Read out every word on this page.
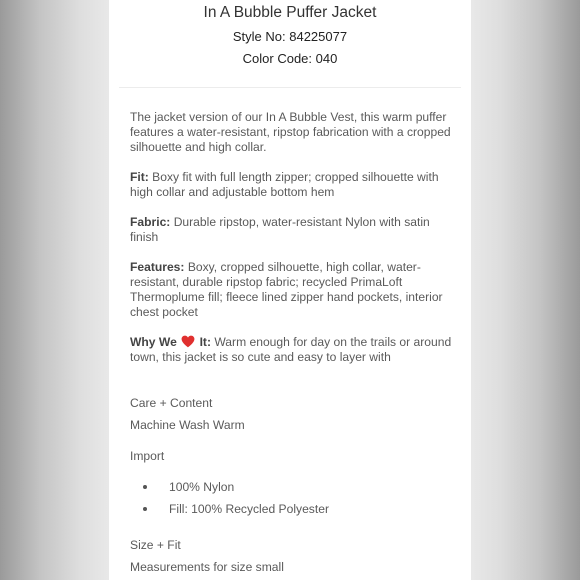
In A Bubble Puffer Jacket
Style No: 84225077
Color Code: 040

The jacket version of our In A Bubble Vest, this warm puffer features a water-resistant, ripstop fabrication with a cropped silhouette and high collar.

Fit: Boxy fit with full length zipper; cropped silhouette with high collar and adjustable bottom hem

Fabric: Durable ripstop, water-resistant Nylon with satin finish

Features: Boxy, cropped silhouette, high collar, water-resistant, durable ripstop fabric; recycled PrimaLoft Thermoplume fill; fleece lined zipper hand pockets, interior chest pocket

Why We It: Warm enough for day on the trails or around town, this jacket is so cute and easy to layer with

Care + Content
Machine Wash Warm
Import
100% Nylon
Fill: 100% Recycled Polyester
Size + Fit
Measurements for size small
